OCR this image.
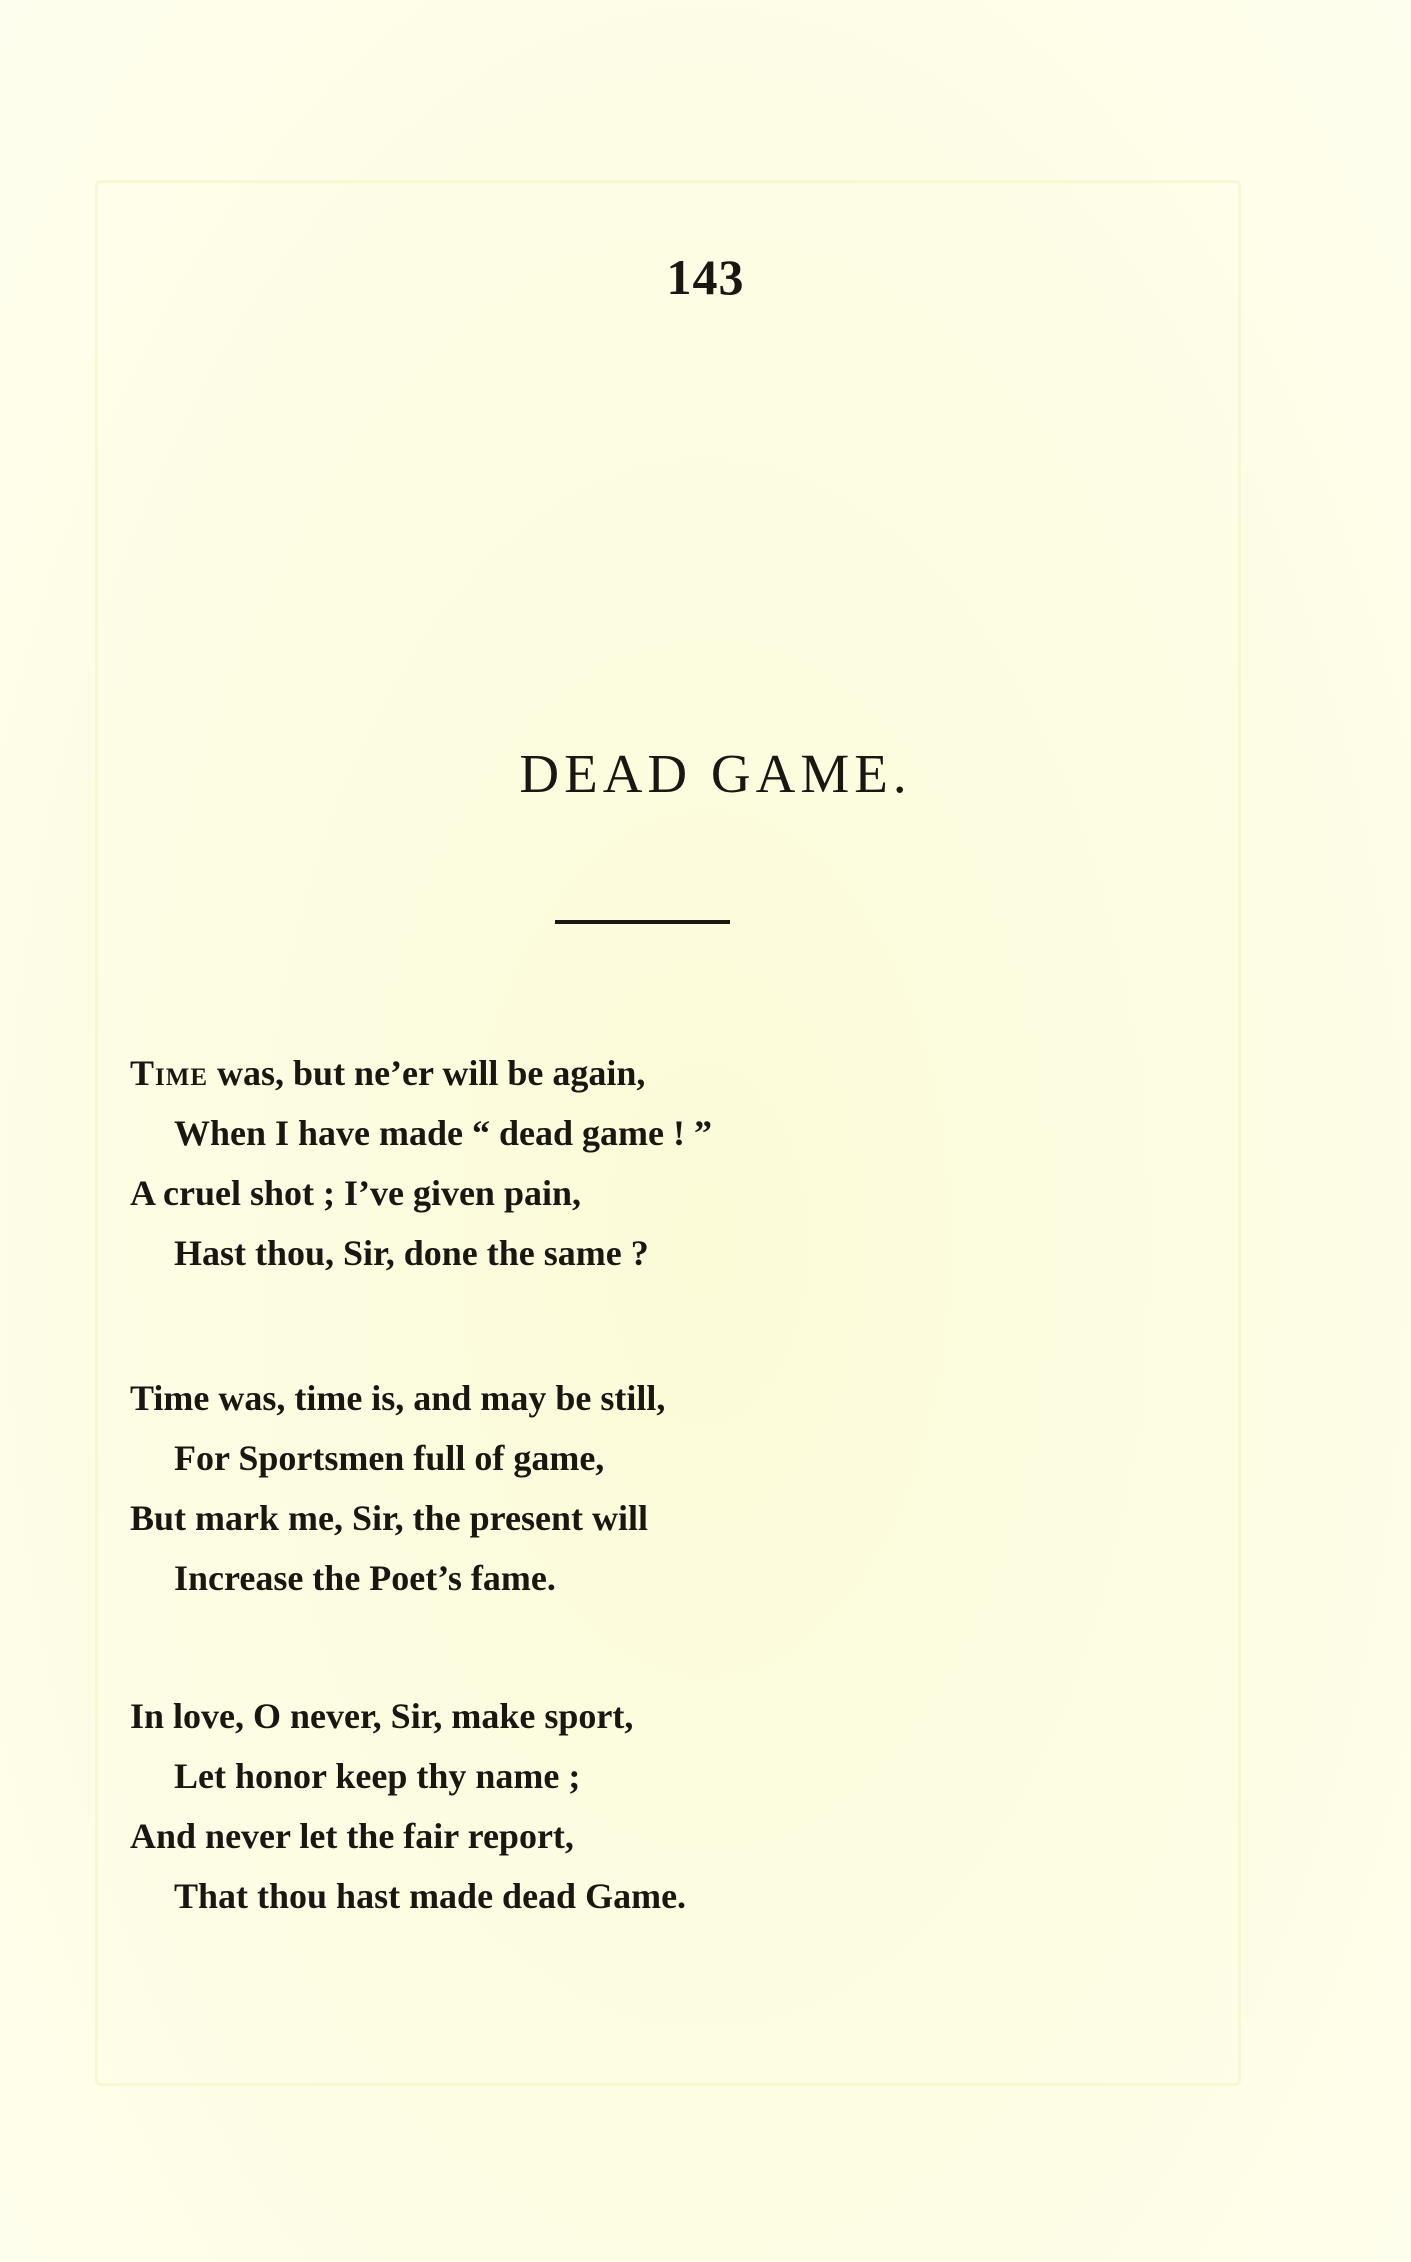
143
DEAD GAME.
Time was, but ne’er will be again,
When I have made “ dead game ! ”
A cruel shot ; I’ve given pain,
Hast thou, Sir, done the same ?
Time was, time is, and may be still,
For Sportsmen full of game,
But mark me, Sir, the present will
Increase the Poet’s fame.
In love, O never, Sir, make sport,
Let honor keep thy name ;
And never let the fair report,
That thou hast made dead Game.
